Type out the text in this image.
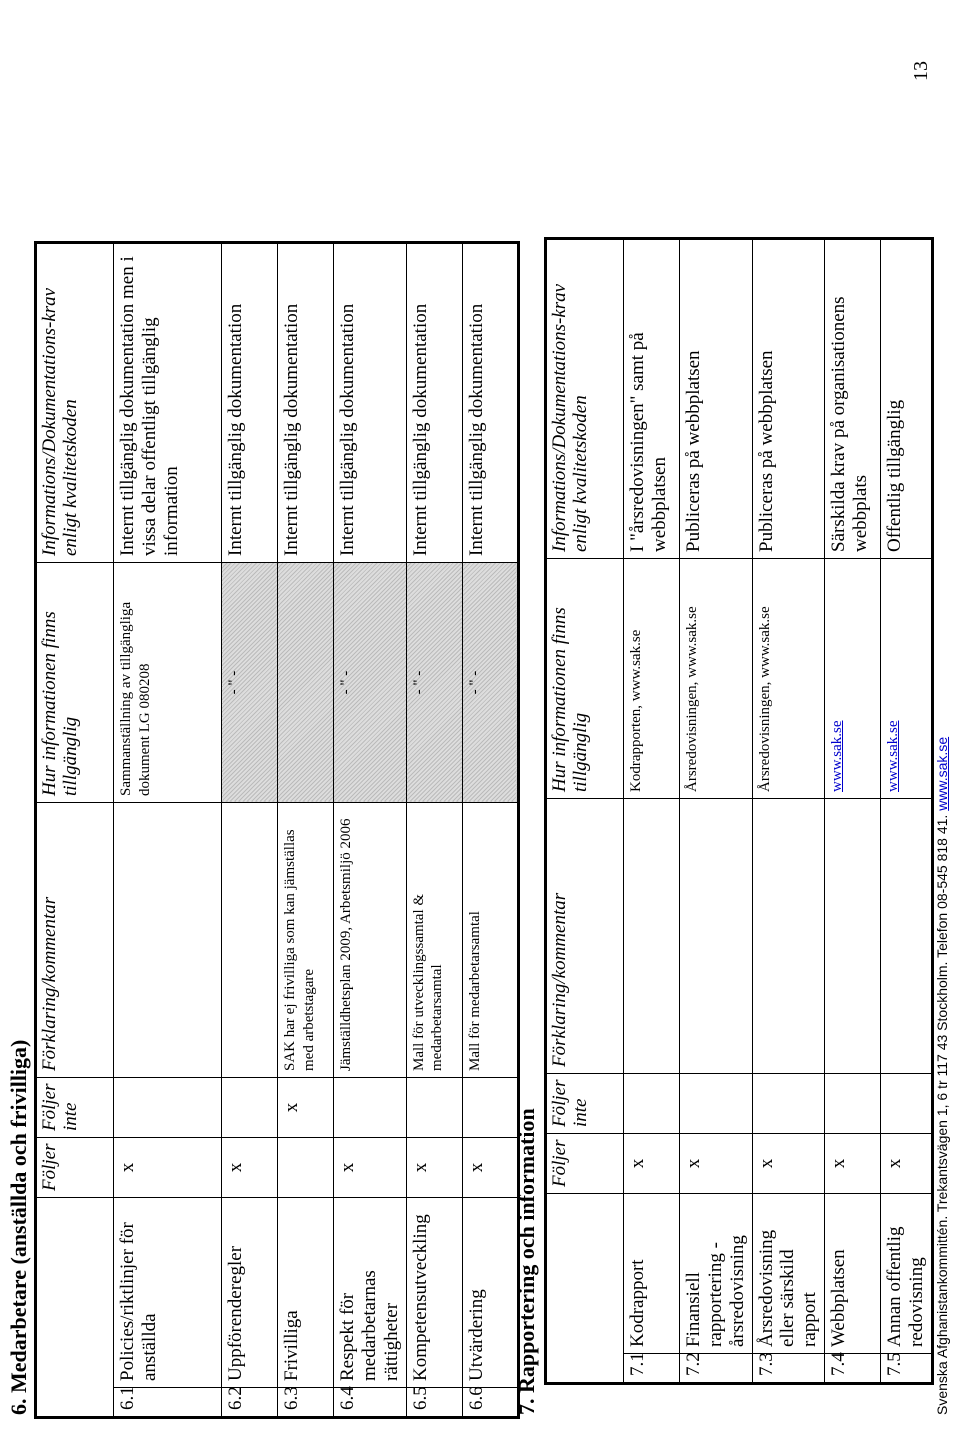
6. Medarbetare (anställda och frivilliga)
		Följer	Följer inte	Förklaring/kommentar	Hur informationen finns tillgänglig	Informations/Dokumentations-krav enligt kvalitetskoden
6.1	Policies/riktlinjer för anställda	x			Sammanställning av tillgängliga dokument LG 080208	Internt tillgänglig dokumentation men i vissa delar offentligt tillgänglig information
6.2	Uppförenderegler	x			- " -	Internt tillgänglig dokumentation
6.3	Frivilliga		x	SAK har ej frivilliga som kan jämställas med arbetstagare		Internt tillgänglig dokumentation
6.4	Respekt för medarbetarnas rättigheter	x		Jämställdhetsplan 2009, Arbetsmiljö 2006	- " -	Internt tillgänglig dokumentation
6.5	Kompetensutveckling	x		Mall för utvecklingssamtal & medarbetarsamtal	- " -	Internt tillgänglig dokumentation
6.6	Utvärdering	x		Mall för medarbetarsamtal	- " -	Internt tillgänglig dokumentation
7. Rapportering och information
		Följer	Följer inte	Förklaring/kommentar	Hur informationen finns tillgänglig	Informations/Dokumentations-krav enligt kvalitetskoden
7.1	Kodrapport	x			Kodrapporten, www.sak.se	I "årsredovisningen" samt på webbplatsen
7.2	Finansiell rapportering - årsredovisning	x			Årsredovisningen, www.sak.se	Publiceras på webbplatsen
7.3	Årsredovisning eller särskild rapport	x			Årsredovisningen, www.sak.se	Publiceras på webbplatsen
7.4	Webbplatsen	x			www.sak.se	Särskilda krav på organisationens webbplats
7.5	Annan offentlig redovisning	x			www.sak.se	Offentlig tillgänglig
Svenska Afghanistankommittén. Trekantsvägen 1, 6 tr 117 43 Stockholm. Telefon 08-545 818 41. www.sak.se
13
